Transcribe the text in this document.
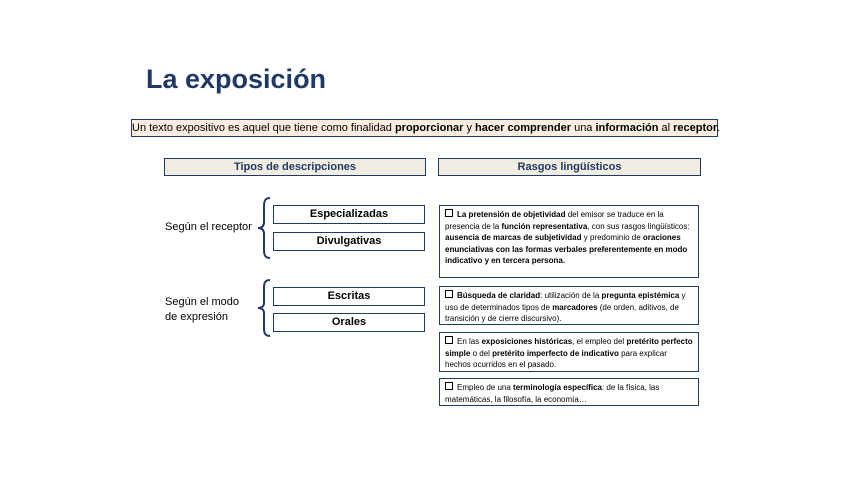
La exposición
Un texto expositivo es aquel que tiene como finalidad proporcionar y hacer comprender una información al receptor.
Tipos de descripciones	Rasgos lingüísticos
Según el receptor
Según el modo
de expresión
Especializadas
Divulgativas
Escritas
Orales
La pretensión de objetividad del emisor se traduce en la presencia de la función representativa, con sus rasgos lingüísticos: ausencia de marcas de subjetividad y predominio de oraciones enunciativas con las formas verbales preferentemente en modo indicativo y en tercera persona.
Búsqueda de claridad: utilización de la pregunta epistémica y uso de determinados tipos de marcadores (de orden, aditivos, de transición y de cierre discursivo).
En las exposiciones históricas, el empleo del pretérito perfecto simple o del pretérito imperfecto de indicativo para explicar hechos ocurridos en el pasado.
Empleo de una terminología específica: de la física, las matemáticas, la filosofía, la economía…
